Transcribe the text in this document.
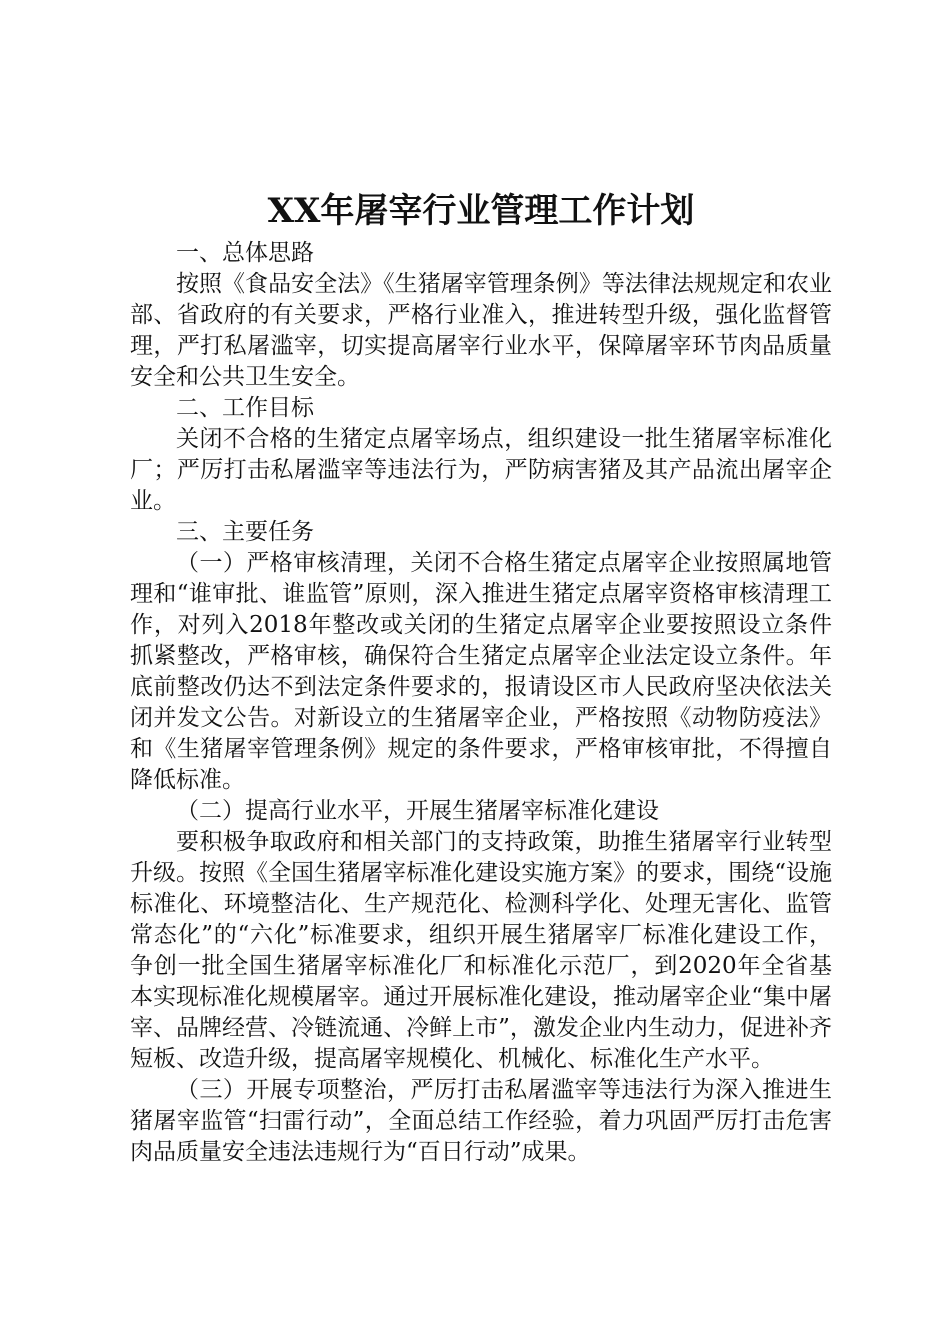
XX年屠宰行业管理工作计划

一、总体思路

按照《食品安全法》《生猪屠宰管理条例》等法律法规规定和农业部、省政府的有关要求，严格行业准入，推进转型升级，强化监督管理，严打私屠滥宰，切实提高屠宰行业水平，保障屠宰环节肉品质量安全和公共卫生安全。

二、工作目标

关闭不合格的生猪定点屠宰场点，组织建设一批生猪屠宰标准化厂；严厉打击私屠滥宰等违法行为，严防病害猪及其产品流出屠宰企业。

三、主要任务

（一）严格审核清理，关闭不合格生猪定点屠宰企业按照属地管理和“谁审批、谁监管”原则，深入推进生猪定点屠宰资格审核清理工作，对列入2018年整改或关闭的生猪定点屠宰企业要按照设立条件抓紧整改，严格审核，确保符合生猪定点屠宰企业法定设立条件。年底前整改仍达不到法定条件要求的，报请设区市人民政府坚决依法关闭并发文公告。对新设立的生猪屠宰企业，严格按照《动物防疫法》和《生猪屠宰管理条例》规定的条件要求，严格审核审批，不得擅自降低标准。

（二）提高行业水平，开展生猪屠宰标准化建设

要积极争取政府和相关部门的支持政策，助推生猪屠宰行业转型升级。按照《全国生猪屠宰标准化建设实施方案》的要求，围绕“设施标准化、环境整洁化、生产规范化、检测科学化、处理无害化、监管常态化”的“六化”标准要求，组织开展生猪屠宰厂标准化建设工作，争创一批全国生猪屠宰标准化厂和标准化示范厂，到2020年全省基本实现标准化规模屠宰。通过开展标准化建设，推动屠宰企业“集中屠宰、品牌经营、冷链流通、冷鲜上市”，激发企业内生动力，促进补齐短板、改造升级，提高屠宰规模化、机械化、标准化生产水平。

（三）开展专项整治，严厉打击私屠滥宰等违法行为深入推进生猪屠宰监管“扫雷行动”，全面总结工作经验，着力巩固严厉打击危害肉品质量安全违法违规行为“百日行动”成果。
